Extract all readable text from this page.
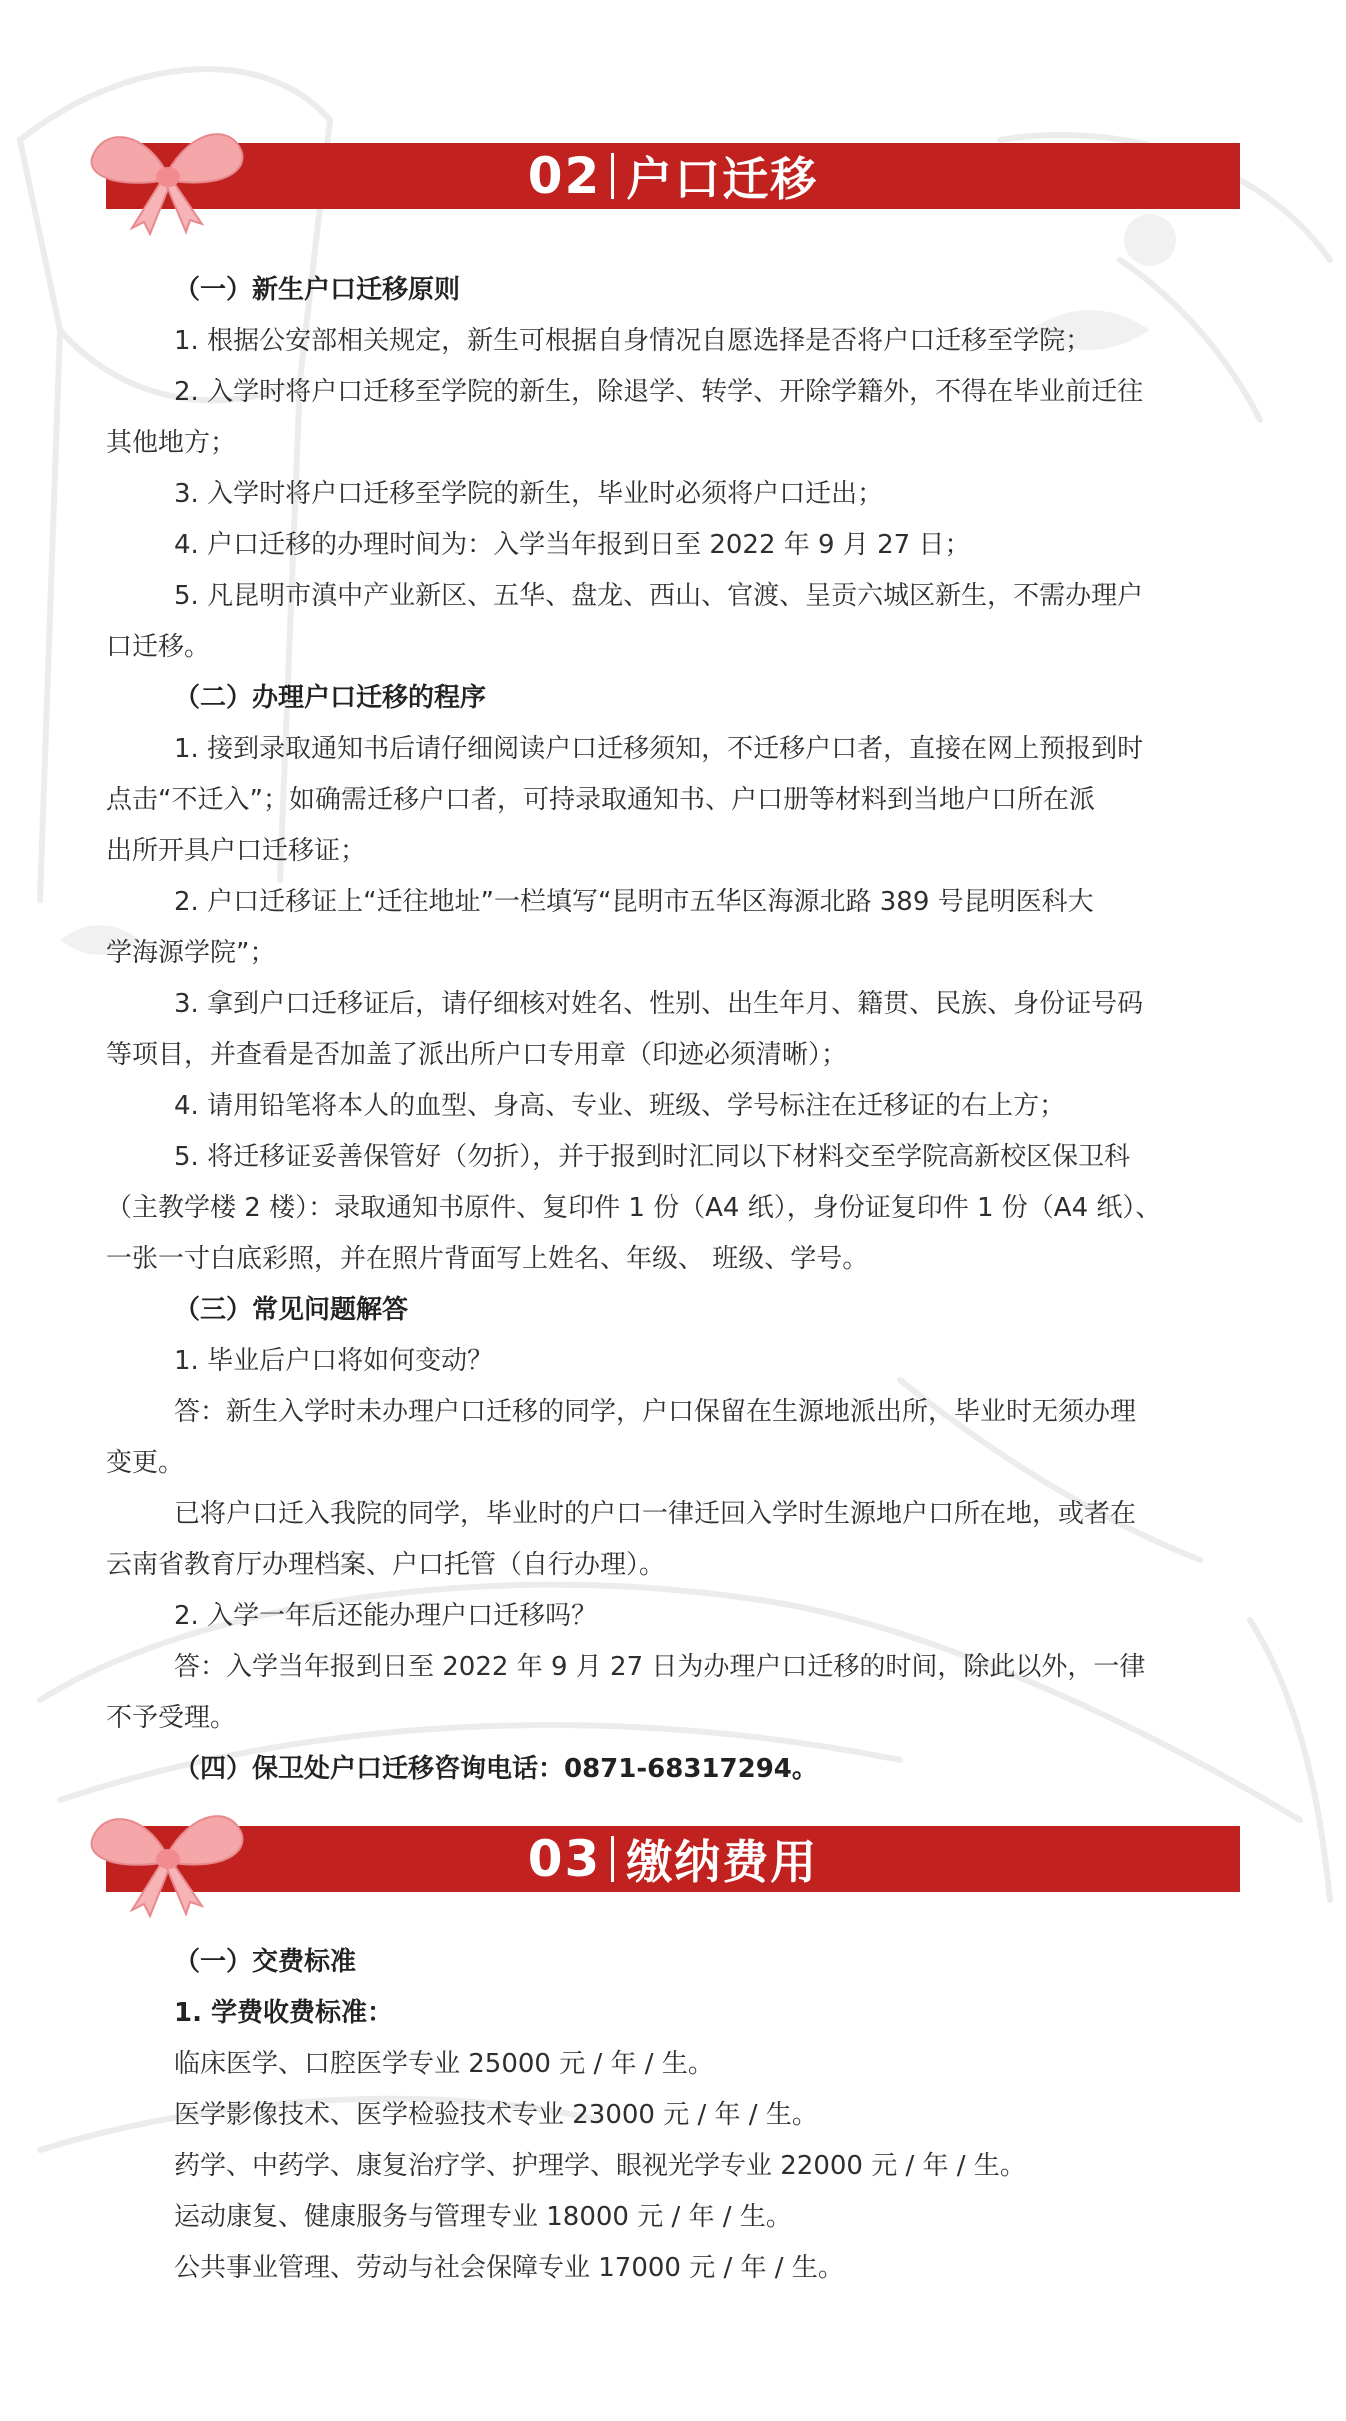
02 户口迁移
（一）新生户口迁移原则
1. 根据公安部相关规定，新生可根据自身情况自愿选择是否将户口迁移至学院；
2. 入学时将户口迁移至学院的新生，除退学、转学、开除学籍外，不得在毕业前迁往
其他地方；
3. 入学时将户口迁移至学院的新生，毕业时必须将户口迁出；
4. 户口迁移的办理时间为：入学当年报到日至 2022 年 9 月 27 日；
5. 凡昆明市滇中产业新区、五华、盘龙、西山、官渡、呈贡六城区新生，不需办理户
口迁移。
（二）办理户口迁移的程序
1. 接到录取通知书后请仔细阅读户口迁移须知，不迁移户口者，直接在网上预报到时
点击“不迁入”；如确需迁移户口者，可持录取通知书、户口册等材料到当地户口所在派
出所开具户口迁移证；
2. 户口迁移证上“迁往地址”一栏填写“昆明市五华区海源北路 389 号昆明医科大
学海源学院”；
3. 拿到户口迁移证后，请仔细核对姓名、性别、出生年月、籍贯、民族、身份证号码
等项目，并查看是否加盖了派出所户口专用章（印迹必须清晰）；
4. 请用铅笔将本人的血型、身高、专业、班级、学号标注在迁移证的右上方；
5. 将迁移证妥善保管好（勿折），并于报到时汇同以下材料交至学院高新校区保卫科
（主教学楼 2 楼）：录取通知书原件、复印件 1 份（A4 纸），身份证复印件 1 份（A4 纸）、
一张一寸白底彩照，并在照片背面写上姓名、年级、 班级、学号。
（三）常见问题解答
1. 毕业后户口将如何变动？
答：新生入学时未办理户口迁移的同学，户口保留在生源地派出所，毕业时无须办理
变更。
已将户口迁入我院的同学，毕业时的户口一律迁回入学时生源地户口所在地，或者在
云南省教育厅办理档案、户口托管（自行办理）。
2. 入学一年后还能办理户口迁移吗？
答：入学当年报到日至 2022 年 9 月 27 日为办理户口迁移的时间，除此以外，一律
不予受理。
（四）保卫处户口迁移咨询电话：0871-68317294。
03 缴纳费用
（一）交费标准
1. 学费收费标准：
临床医学、口腔医学专业 25000 元 / 年 / 生。
医学影像技术、医学检验技术专业 23000 元 / 年 / 生。
药学、中药学、康复治疗学、护理学、眼视光学专业 22000 元 / 年 / 生。
运动康复、健康服务与管理专业 18000 元 / 年 / 生。
公共事业管理、劳动与社会保障专业 17000 元 / 年 / 生。
